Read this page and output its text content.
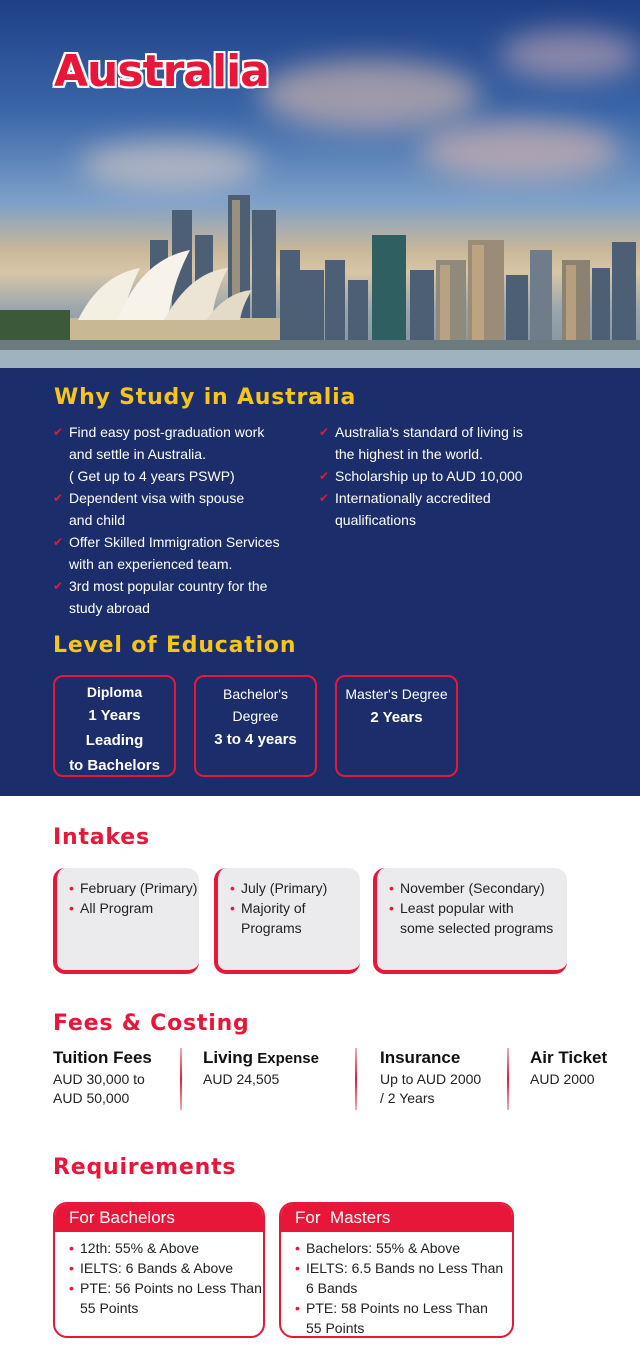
Australia
Why Study in Australia
✔ Find easy post-graduation work
and settle in Australia.
( Get up to 4 years PSWP)
✔ Dependent visa with spouse
and child
✔ Offer Skilled Immigration Services
with an experienced team.
✔ 3rd most popular country for the
study abroad
✔ Australia's standard of living is
the highest in the world.
✔ Scholarship up to AUD 10,000
✔ Internationally accredited
qualifications
Level of Education
Diploma
1 Years
Leading
to Bachelors
Bachelor's
Degree
3 to 4 years
Master's Degree
2 Years
Intakes
• February (Primary)
• All Program
• July (Primary)
• Majority of
Programs
• November (Secondary)
• Least popular with
some selected programs
Fees & Costing
Tuition Fees
AUD 30,000 to
AUD 50,000
Living Expense
AUD 24,505
Insurance
Up to AUD 2000
/ 2 Years
Air Ticket
AUD 2000
Requirements
For Bachelors
• 12th: 55% & Above
• IELTS: 6 Bands & Above
• PTE: 56 Points no Less Than
55 Points
For  Masters
• Bachelors: 55% & Above
• IELTS: 6.5 Bands no Less Than
6 Bands
• PTE: 58 Points no Less Than
55 Points
